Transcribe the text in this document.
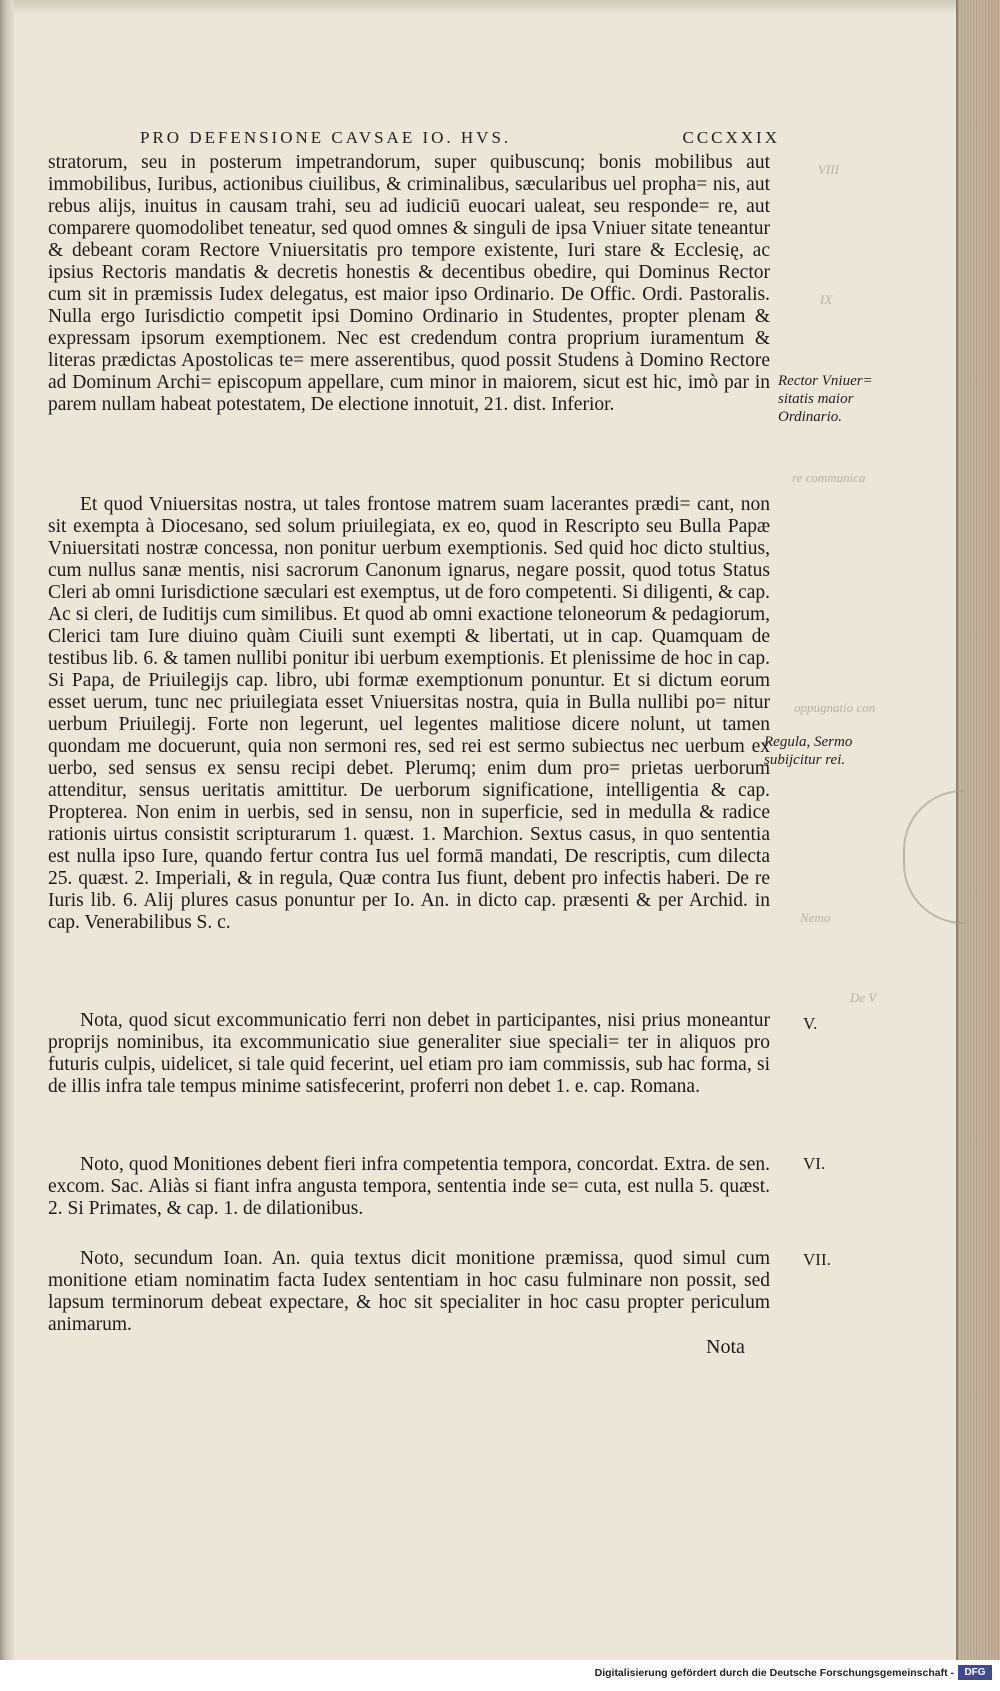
PRO DEFENSIONE CAVSAE IO. HVS.	CCCXXIX

stratorum, seu in posterum impetrandorum, super quibuscunq; bonis mobilibus aut immobilibus, Iuribus, actionibus ciuilibus, & criminalibus, sæcularibus uel propha= nis, aut rebus alijs, inuitus in causam trahi, seu ad iudiciū euocari ualeat, seu responde= re, aut comparere quomodolibet teneatur, sed quod omnes & singuli de ipsa Vniuer sitate teneantur & debeant coram Rectore Vniuersitatis pro tempore existente, Iuri stare & Ecclesię, ac ipsius Rectoris mandatis & decretis honestis & decentibus obedire, qui Dominus Rector cum sit in præmissis Iudex delegatus, est maior ipso Ordinario. De Offic. Ordi. Pastoralis. Nulla ergo Iurisdictio competit ipsi Domino Ordinario in Studentes, propter plenam & expressam ipsorum exemptionem. Nec est credendum contra proprium iuramentum & literas prædictas Apostolicas te= mere asserentibus, quod possit Studens à Domino Rectore ad Dominum Archi= episcopum appellare, cum minor in maiorem, sicut est hic, imò par in parem nullam habeat potestatem, De electione innotuit, 21. dist. Inferior.

Et quod Vniuersitas nostra, ut tales frontose matrem suam lacerantes prædi= cant, non sit exempta à Diocesano, sed solum priuilegiata, ex eo, quod in Rescripto seu Bulla Papæ Vniuersitati nostræ concessa, non ponitur uerbum exemptionis. Sed quid hoc dicto stultius, cum nullus sanæ mentis, nisi sacrorum Canonum ignarus, negare possit, quod totus Status Cleri ab omni Iurisdictione sæculari est exemptus, ut de foro competenti. Si diligenti, & cap. Ac si cleri, de Iuditijs cum similibus. Et quod ab omni exactione teloneorum & pedagiorum, Clerici tam Iure diuino quàm Ciuili sunt exempti & libertati, ut in cap. Quamquam de testibus lib. 6. & tamen nullibi ponitur ibi uerbum exemptionis. Et plenissime de hoc in cap. Si Papa, de Priuilegijs cap. libro, ubi formæ exemptionum ponuntur. Et si dictum eorum esset uerum, tunc nec priuilegiata esset Vniuersitas nostra, quia in Bulla nullibi po= nitur uerbum Priuilegij. Forte non legerunt, uel legentes malitiose dicere nolunt, ut tamen quondam me docuerunt, quia non sermoni res, sed rei est sermo subiectus nec uerbum ex uerbo, sed sensus ex sensu recipi debet. Plerumq; enim dum pro= prietas uerborum attenditur, sensus ueritatis amittitur. De uerborum significatione, intelligentia & cap. Propterea. Non enim in uerbis, sed in sensu, non in superficie, sed in medulla & radice rationis uirtus consistit scripturarum 1. quæst. 1. Marchion. Sextus casus, in quo sententia est nulla ipso Iure, quando fertur contra Ius uel formā mandati, De rescriptis, cum dilecta 25. quæst. 2. Imperiali, & in regula, Quæ contra Ius fiunt, debent pro infectis haberi. De re Iuris lib. 6. Alij plures casus ponuntur per Io. An. in dicto cap. præsenti & per Archid. in cap. Venerabilibus S. c.

Nota, quod sicut excommunicatio ferri non debet in participantes, nisi prius moneantur proprijs nominibus, ita excommunicatio siue generaliter siue speciali= ter in aliquos pro futuris culpis, uidelicet, si tale quid fecerint, uel etiam pro iam commissis, sub hac forma, si de illis infra tale tempus minime satisfecerint, proferri non debet 1. e. cap. Romana.

Noto, quod Monitiones debent fieri infra competentia tempora, concordat. Extra. de sen. excom. Sac. Aliàs si fiant infra angusta tempora, sententia inde se= cuta, est nulla 5. quæst. 2. Si Primates, & cap. 1. de dilationibus.

Noto, secundum Ioan. An. quia textus dicit monitione præmissa, quod simul cum monitione etiam nominatim facta Iudex sententiam in hoc casu fulminare non possit, sed lapsum terminorum debeat expectare, & hoc sit specialiter in hoc casu propter periculum animarum.

Nota
Rector Vniuer= sitatis maior Ordinario.
Regula, Sermo subijcitur rei.
V.
VI.
VII.
VIII
IX
re communica
oppugnatio con
Nemo
De V
Digitalisierung gefördert durch die Deutsche Forschungsgemeinschaft -	DFG
